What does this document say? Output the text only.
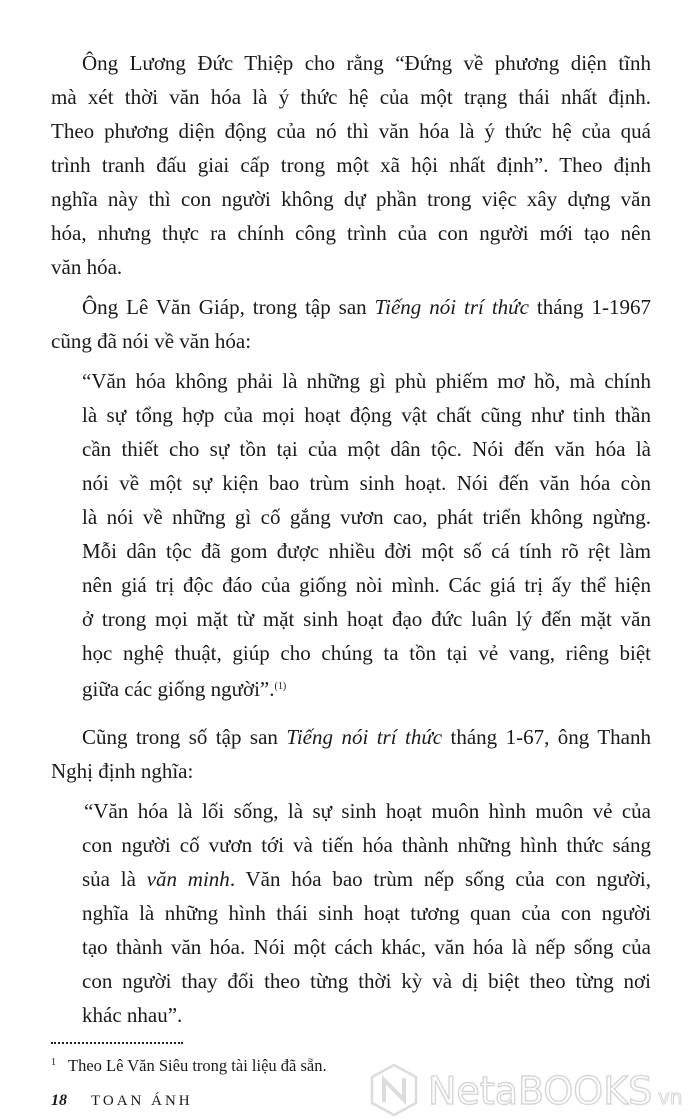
Ông Lương Đức Thiệp cho rằng “Đứng về phương diện tĩnh
mà xét thời văn hóa là ý thức hệ của một trạng thái nhất định.
Theo phương diện động của nó thì văn hóa là ý thức hệ của quá
trình tranh đấu giai cấp trong một xã hội nhất định”. Theo định
nghĩa này thì con người không dự phần trong việc xây dựng văn
hóa, nhưng thực ra chính công trình của con người mới tạo nên
văn hóa.
Ông Lê Văn Giáp, trong tập san Tiếng nói trí thức tháng 1-1967
cũng đã nói về văn hóa:
“Văn hóa không phải là những gì phù phiếm mơ hồ, mà chính
là sự tổng hợp của mọi hoạt động vật chất cũng như tinh thần
cần thiết cho sự tồn tại của một dân tộc. Nói đến văn hóa là
nói về một sự kiện bao trùm sinh hoạt. Nói đến văn hóa còn
là nói về những gì cố gắng vươn cao, phát triển không ngừng.
Mỗi dân tộc đã gom được nhiều đời một số cá tính rõ rệt làm
nên giá trị độc đáo của giống nòi mình. Các giá trị ấy thể hiện
ở trong mọi mặt từ mặt sinh hoạt đạo đức luân lý đến mặt văn
học nghệ thuật, giúp cho chúng ta tồn tại vẻ vang, riêng biệt
giữa các giống người”.$^{(1)}$
Cũng trong số tập san Tiếng nói trí thức tháng 1-67, ông Thanh
Nghị định nghĩa:
“Văn hóa là lối sống, là sự sinh hoạt muôn hình muôn vẻ của
con người cố vươn tới và tiến hóa thành những hình thức sáng
sủa là văn minh. Văn hóa bao trùm nếp sống của con người,
nghĩa là những hình thái sinh hoạt tương quan của con người
tạo thành văn hóa. Nói một cách khác, văn hóa là nếp sống của
con người thay đổi theo từng thời kỳ và dị biệt theo từng nơi
khác nhau”.
$^1$ Theo Lê Văn Siêu trong tài liệu đã sẵn.
18 TOAN ÁNH	NetaBOOKS vn
